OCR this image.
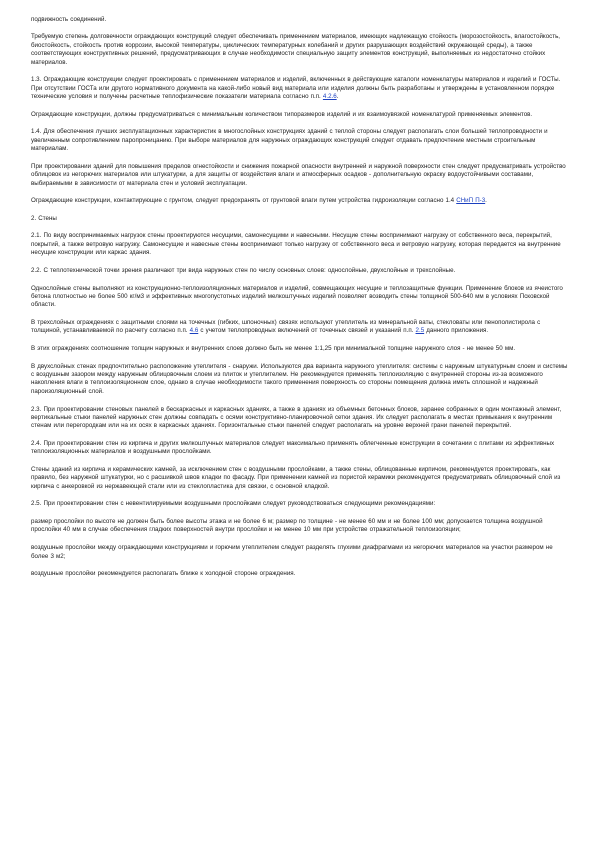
подвижность соединений.

Требуемую степень долговечности ограждающих конструкций следует обеспечивать применением материалов, имеющих надлежащую стойкость (морозостойкость, влагостойкость, биостойкость, стойкость против коррозии, высокой температуры, циклических температурных колебаний и других разрушающих воздействий окружающей среды), а также соответствующих конструктивных решений, предусматривающих в случае необходимости специальную защиту элементов конструкций, выполняемых из недостаточно стойких материалов.

1.3. Ограждающие конструкции следует проектировать с применением материалов и изделий, включенных в действующие каталоги номенклатуры материалов и изделий и ГОСТы. При отсутствии ГОСТа или другого нормативного документа на какой-либо новый вид материала или изделия должны быть разработаны и утверждены в установленном порядке технические условия и получены расчетные теплофизические показатели материала согласно п.п. 4.2.6.

Ограждающие конструкции, должны предусматриваться с минимальным количеством типоразмеров изделий и их взаимоувязкой номенклатурой применяемых элементов.

1.4. Для обеспечения лучших эксплуатационных характеристик в многослойных конструкциях зданий с теплой стороны следует располагать слои большей теплопроводности и увеличенным сопротивлением паропроницанию. При выборе материалов для наружных ограждающих конструкций следует отдавать предпочтение местным строительным материалам.

При проектировании зданий для повышения пределов огнестойкости и снижения пожарной опасности внутренней и наружной поверхности стен следует предусматривать устройство облицовок из негорючих материалов или штукатурки, а для защиты от воздействия влаги и атмосферных осадков - дополнительную окраску водоустойчивыми составами, выбираемыми в зависимости от материала стен и условий эксплуатации.

Ограждающие конструкции, контактирующие с грунтом, следует предохранять от грунтовой влаги путем устройства гидроизоляции согласно 1.4 СНиП П-3.

2. Стены

2.1. По виду воспринимаемых нагрузок стены проектируются несущими, самонесущими и навесными. Несущие стены воспринимают нагрузку от собственного веса, перекрытий, покрытий, а также ветровую нагрузку. Самонесущие и навесные стены воспринимают только нагрузку от собственного веса и ветровую нагрузку, которая передается на внутренние несущие конструкции или каркас здания.

2.2. С теплотехнической точки зрения различают три вида наружных стен по числу основных слоев: однослойные, двухслойные и трехслойные.

Однослойные стены выполняют из конструкционно-теплоизоляционных материалов и изделий, совмещающих несущие и теплозащитные функции. Применение блоков из ячеистого бетона плотностью не более 500 кг/м3 и эффективных многопустотных изделий мелкоштучных изделий позволяет возводить стены толщиной 500-640 мм в условиях Псковской области.

В трехслойных ограждениях с защитными слоями на точечных (гибких, шпоночных) связях используют утеплитель из минеральной ваты, стекловаты или пенополистирола с толщиной, устанавливаемой по расчету согласно п.п. 4.6 с учетом теплопроводных включений от точечных связей и указаний п.п. 2.5 данного приложения.

В этих ограждениях соотношение толщин наружных и внутренних слоев должно быть не менее 1:1,25 при минимальной толщине наружного слоя - не менее 50 мм.

В двухслойных стенах предпочтительно расположение утеплителя - снаружи. Используются два варианта наружного утеплителя: системы с наружным штукатурным слоем и системы с воздушным зазором между наружным облицовочным слоем из плиток и утеплителем. Не рекомендуется применять теплоизоляцию с внутренней стороны из-за возможного накопления влаги в теплоизоляционном слое, однако в случае необходимости такого применения поверхность со стороны помещения должна иметь сплошной и надежный пароизоляционный слой.

2.3. При проектировании стеновых панелей в бескаркасных и каркасных зданиях, а также в зданиях из объемных бетонных блоков, заранее собранных в один монтажный элемент, вертикальные стыки панелей наружных стен должны совпадать с осями конструктивно-планировочной сетки здания. Их следует располагать в местах примыкания к внутренним стенам или перегородкам или на их осях в каркасных зданиях. Горизонтальные стыки панелей следует располагать на уровне верхней грани панелей перекрытий.

2.4. При проектировании стен из кирпича и других мелкоштучных материалов следует максимально применять облегченные конструкции в сочетании с плитами из эффективных теплоизоляционных материалов и воздушными прослойками.

Стены зданий из кирпича и керамических камней, за исключением стен с воздушными прослойками, а также стены, облицованные кирпичом, рекомендуется проектировать, как правило, без наружной штукатурки, но с расшивкой швов кладки по фасаду. При применении камней из пористой керамики рекомендуется предусматривать облицовочный слой из кирпича с анкеровкой из нержавеющей стали или из стеклопластика для связки, с основной кладкой.

2.5. При проектировании стен с невентилируемыми воздушными прослойками следует руководствоваться следующими рекомендациями:

размер прослойки по высоте не должен быть более высоты этажа и не более 6 м; размер по толщине - не менее 60 мм и не более 100 мм; допускается толщина воздушной прослойки 40 мм в случае обеспечения гладких поверхностей внутри прослойки и не менее 10 мм при устройстве отражательной теплоизоляции;

воздушные прослойки между ограждающими конструкциями и горючим утеплителем следует разделять глухими диафрагмами из негорючих материалов на участки размером не более 3 м2;

воздушные прослойки рекомендуется располагать ближе к холодной стороне ограждения.
